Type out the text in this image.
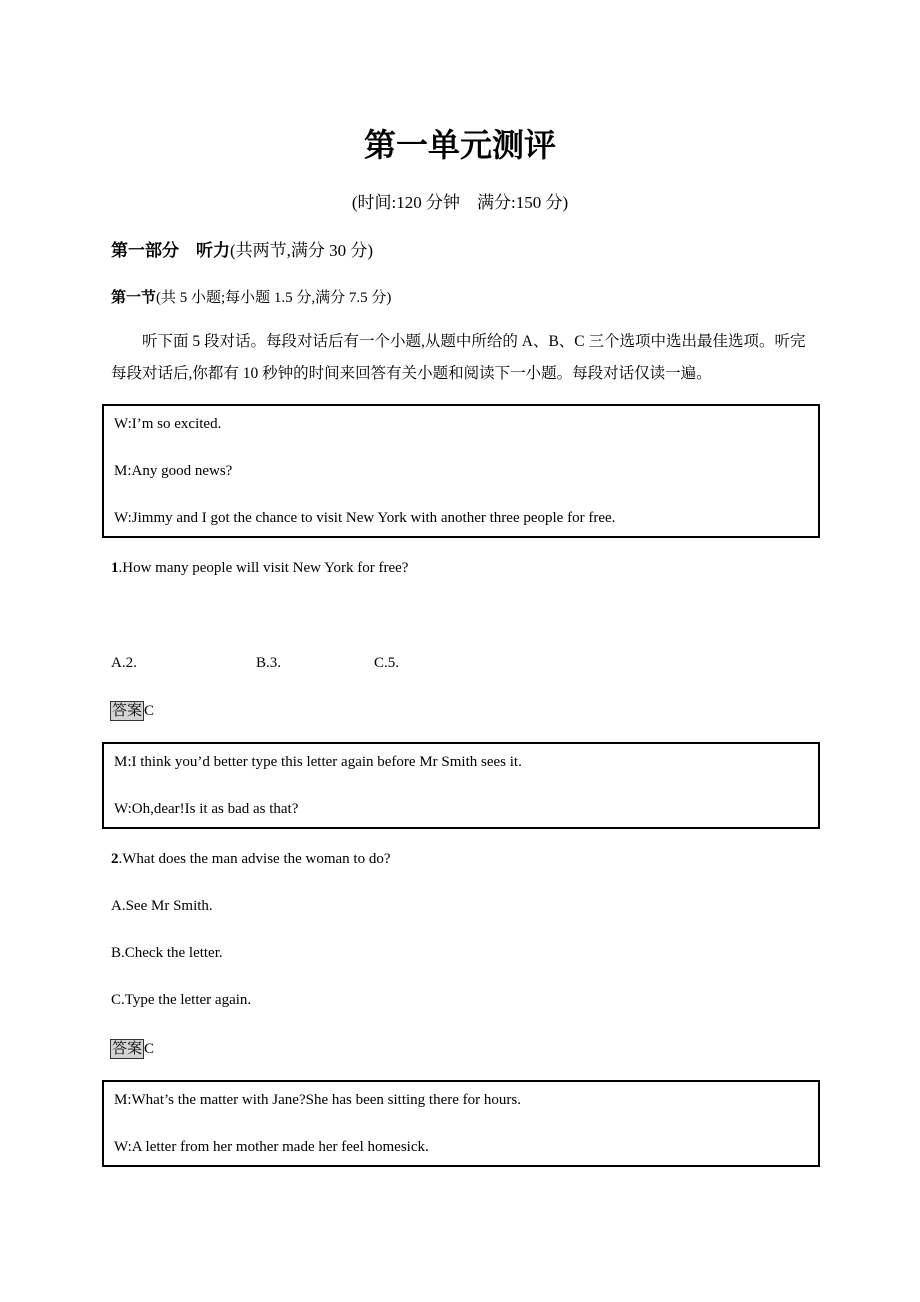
第一单元测评
(时间:120 分钟　满分:150 分)
第一部分　听力(共两节,满分 30 分)
第一节(共 5 小题;每小题 1.5 分,满分 7.5 分)
听下面 5 段对话。每段对话后有一个小题,从题中所给的 A、B、C 三个选项中选出最佳选项。听完每段对话后,你都有 10 秒钟的时间来回答有关小题和阅读下一小题。每段对话仅读一遍。
W:I’m so excited.
M:Any good news?
W:Jimmy and I got the chance to visit New York with another three people for free.
1.How many people will visit New York for free?
A.2.	B.3.	C.5.
答案 C
M:I think you’d better type this letter again before Mr Smith sees it.
W:Oh,dear!Is it as bad as that?
2.What does the man advise the woman to do?
A.See Mr Smith.
B.Check the letter.
C.Type the letter again.
答案 C
M:What’s the matter with Jane?She has been sitting there for hours.
W:A letter from her mother made her feel homesick.
